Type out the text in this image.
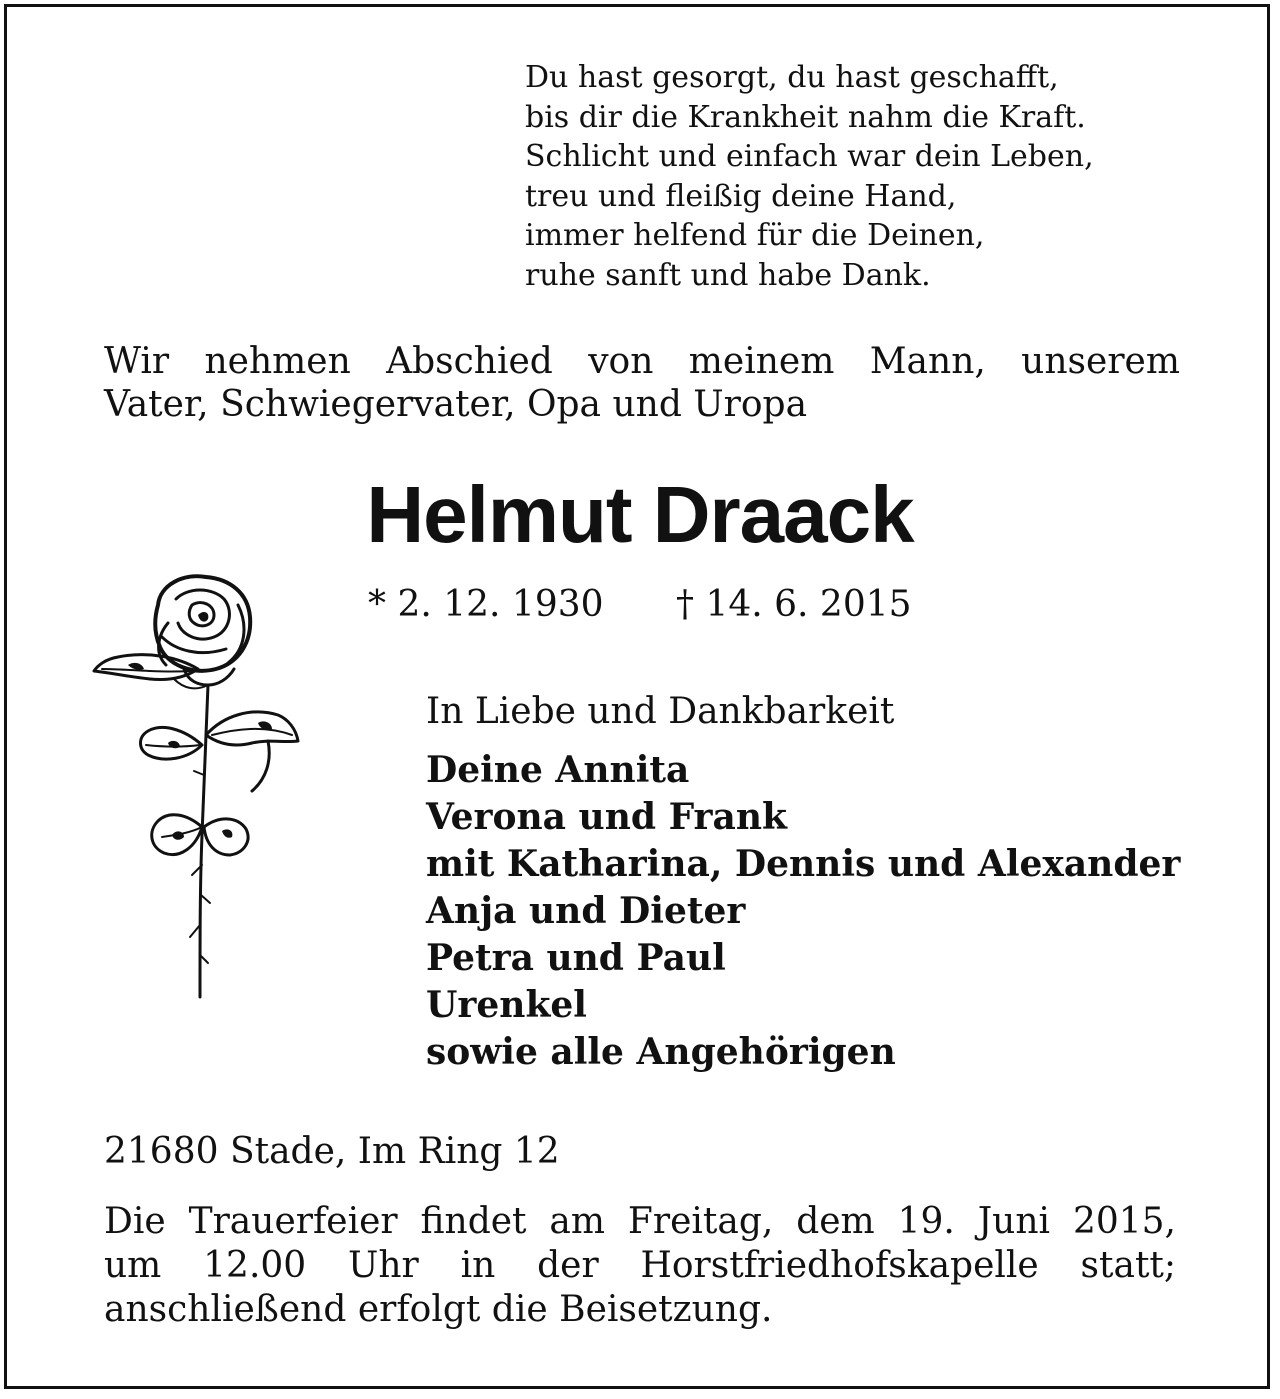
Du hast gesorgt, du hast geschafft,
bis dir die Krankheit nahm die Kraft.
Schlicht und einfach war dein Leben,
treu und fleißig deine Hand,
immer helfend für die Deinen,
ruhe sanft und habe Dank.

Wir nehmen Abschied von meinem Mann, unserem
Vater, Schwiegervater, Opa und Uropa

Helmut Draack
* 2. 12. 1930 † 14. 6. 2015
In Liebe und Dankbarkeit
Deine Annita
Verona und Frank
mit Katharina, Dennis und Alexander
Anja und Dieter
Petra und Paul
Urenkel
sowie alle Angehörigen
21680 Stade, Im Ring 12

Die Trauerfeier findet am Freitag, dem 19. Juni 2015,
um 12.00 Uhr in der Horstfriedhofskapelle statt;
anschließend erfolgt die Beisetzung.
